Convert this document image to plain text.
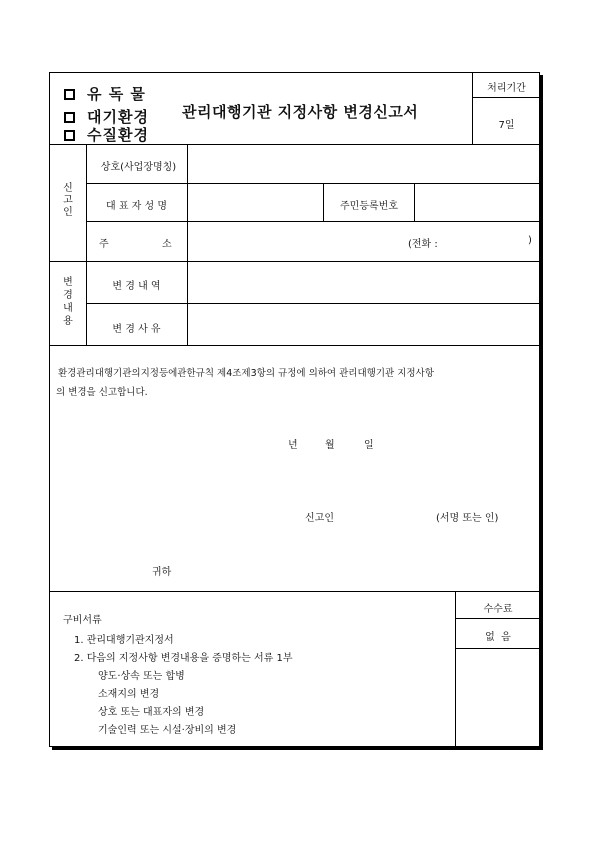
유 독 물
대기환경
수질환경
관리대행기관 지정사항 변경신고서
처리기간
7일
신
고
인
상호(사업장명칭)
대 표 자 성 명	주민등록번호
주	소	(전화 :	)
변
경
내
용
변 경 내 역
변 경 사 유
환경관리대행기관의지정등에관한규칙 제4조제3항의 규정에 의하여 관리대행기관 지정사항
의 변경을 신고합니다.
년	월	일
신고인	(서명 또는 인)
귀하
구비서류
1. 관리대행기관지정서
2. 다음의 지정사항 변경내용을 증명하는 서류 1부
양도·상속 또는 합병
소재지의 변경
상호 또는 대표자의 변경
기술인력 또는 시설·장비의 변경
수수료
없  음
